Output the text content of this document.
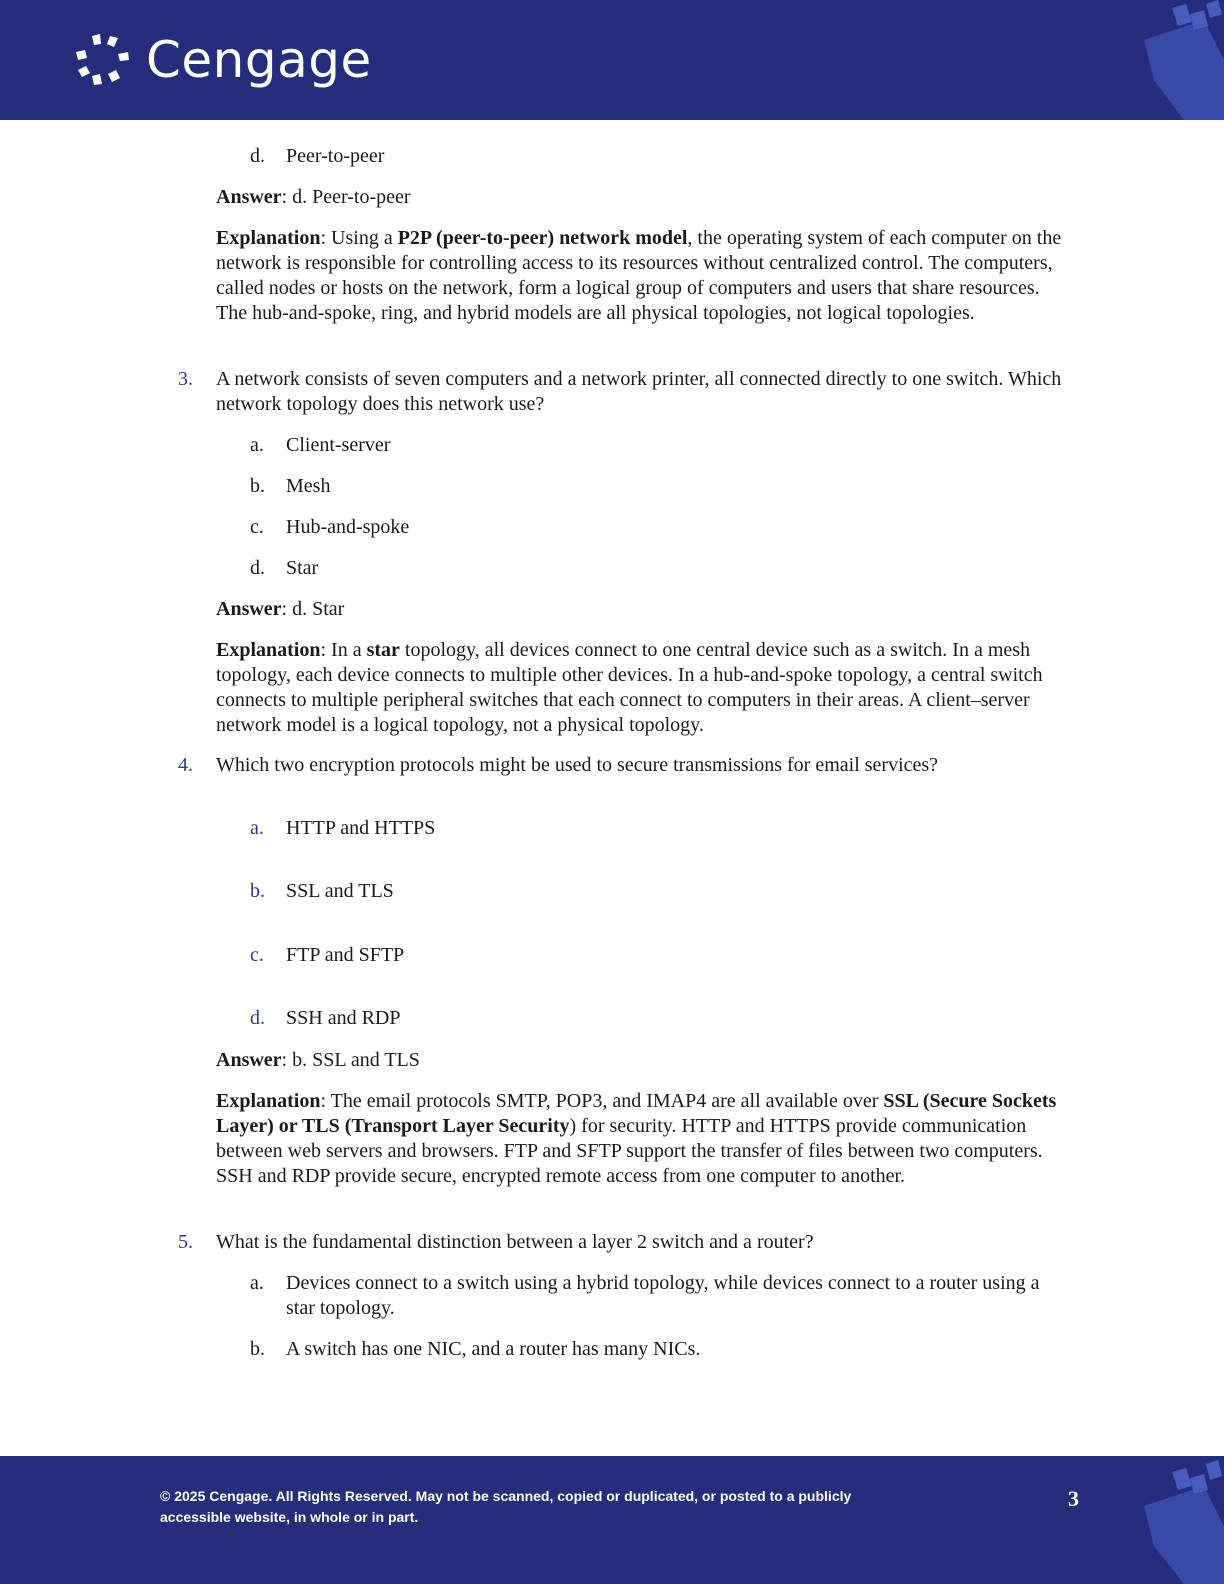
Cengage
d.	Peer-to-peer
Answer: d. Peer-to-peer
Explanation: Using a P2P (peer-to-peer) network model, the operating system of each computer on the network is responsible for controlling access to its resources without centralized control. The computers, called nodes or hosts on the network, form a logical group of computers and users that share resources. The hub-and-spoke, ring, and hybrid models are all physical topologies, not logical topologies.
3. A network consists of seven computers and a network printer, all connected directly to one switch. Which network topology does this network use?
a.	Client-server
b.	Mesh
c.	Hub-and-spoke
d.	Star
Answer: d. Star
Explanation: In a star topology, all devices connect to one central device such as a switch. In a mesh topology, each device connects to multiple other devices. In a hub-and-spoke topology, a central switch connects to multiple peripheral switches that each connect to computers in their areas. A client–server network model is a logical topology, not a physical topology.
4. Which two encryption protocols might be used to secure transmissions for email services?
a.	HTTP and HTTPS
b.	SSL and TLS
c.	FTP and SFTP
d.	SSH and RDP
Answer: b. SSL and TLS
Explanation: The email protocols SMTP, POP3, and IMAP4 are all available over SSL (Secure Sockets Layer) or TLS (Transport Layer Security) for security. HTTP and HTTPS provide communication between web servers and browsers. FTP and SFTP support the transfer of files between two computers. SSH and RDP provide secure, encrypted remote access from one computer to another.
5. What is the fundamental distinction between a layer 2 switch and a router?
a.	Devices connect to a switch using a hybrid topology, while devices connect to a router using a star topology.
b.	A switch has one NIC, and a router has many NICs.
© 2025 Cengage. All Rights Reserved. May not be scanned, copied or duplicated, or posted to a publicly accessible website, in whole or in part.
3
